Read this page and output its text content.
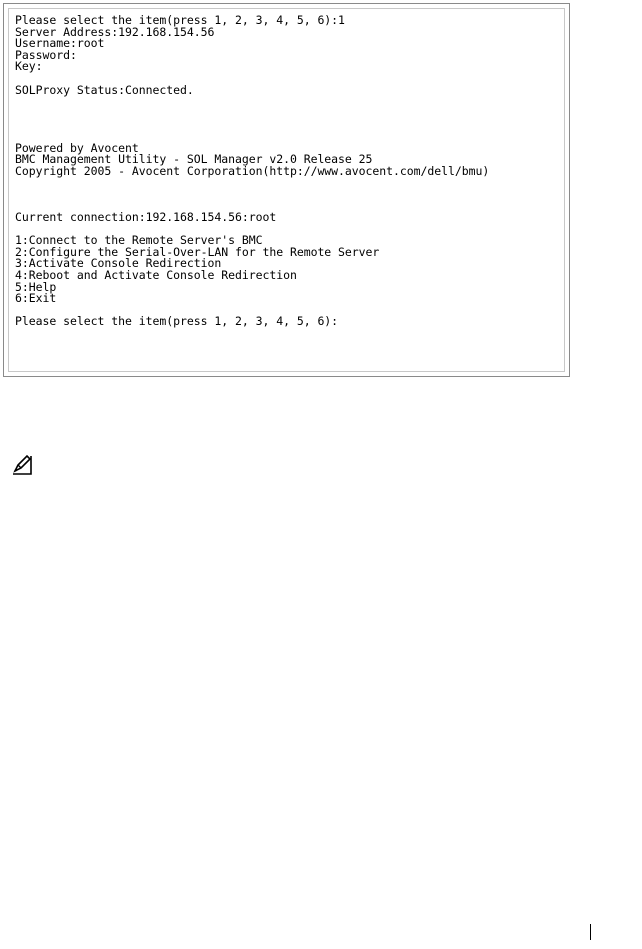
Please select the item(press 1, 2, 3, 4, 5, 6):1
Server Address:192.168.154.56
Username:root
Password:
Key:
SOLProxy Status:Connected.
Powered by Avocent
BMC Management Utility - SOL Manager v2.0 Release 25
Copyright 2005 - Avocent Corporation(http://www.avocent.com/dell/bmu)
Current connection:192.168.154.56:root
1:Connect to the Remote Server's BMC
2:Configure the Serial-Over-LAN for the Remote Server
3:Activate Console Redirection
4:Reboot and Activate Console Redirection
5:Help
6:Exit
Please select the item(press 1, 2, 3, 4, 5, 6):
